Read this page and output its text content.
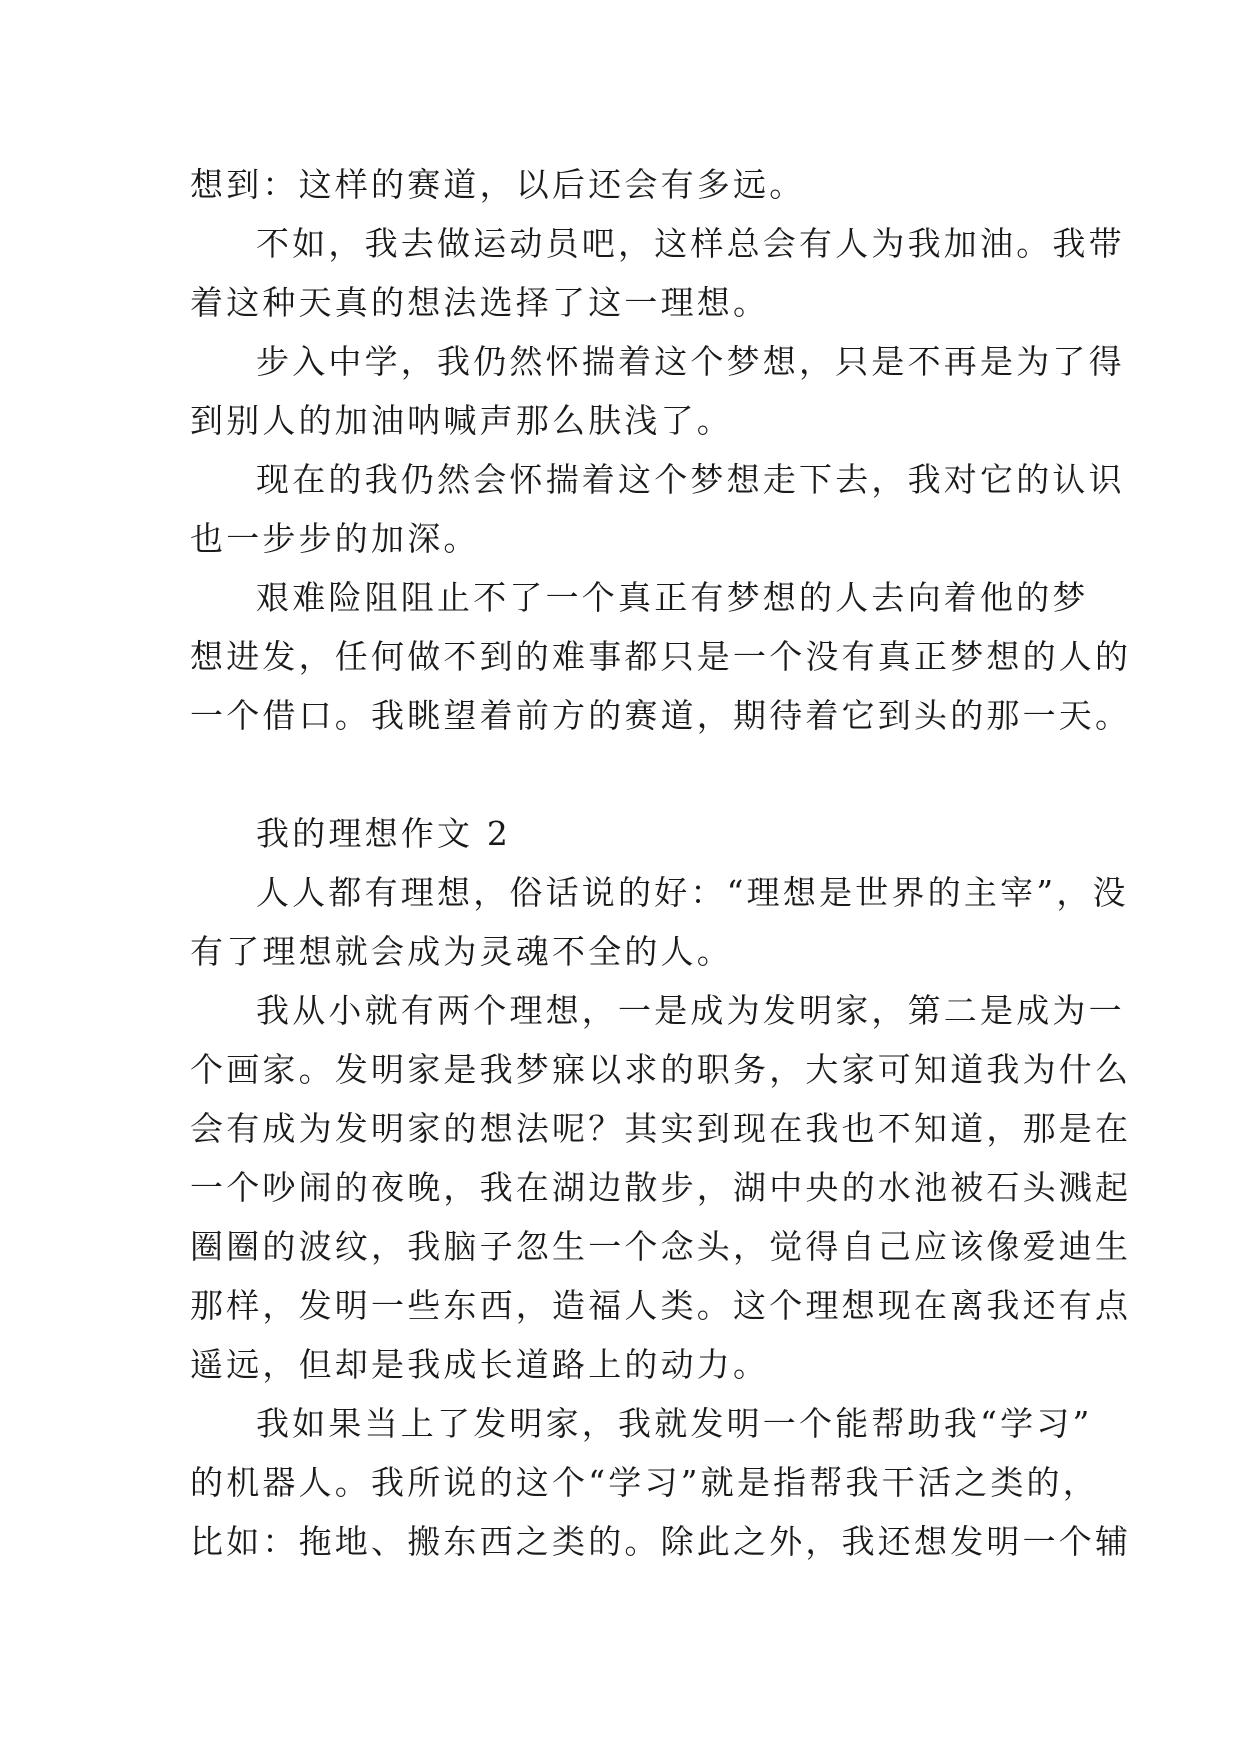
想到：这样的赛道，以后还会有多远。
不如，我去做运动员吧，这样总会有人为我加油。我带
着这种天真的想法选择了这一理想。
步入中学，我仍然怀揣着这个梦想，只是不再是为了得
到别人的加油呐喊声那么肤浅了。
现在的我仍然会怀揣着这个梦想走下去，我对它的认识
也一步步的加深。
艰难险阻阻止不了一个真正有梦想的人去向着他的梦
想进发，任何做不到的难事都只是一个没有真正梦想的人的
一个借口。我眺望着前方的赛道，期待着它到头的那一天。
我的理想作文 2
人人都有理想，俗话说的好：“理想是世界的主宰”，没
有了理想就会成为灵魂不全的人。
我从小就有两个理想，一是成为发明家，第二是成为一
个画家。发明家是我梦寐以求的职务，大家可知道我为什么
会有成为发明家的想法呢？其实到现在我也不知道，那是在
一个吵闹的夜晚，我在湖边散步，湖中央的水池被石头溅起
圈圈的波纹，我脑子忽生一个念头，觉得自己应该像爱迪生
那样，发明一些东西，造福人类。这个理想现在离我还有点
遥远，但却是我成长道路上的动力。
我如果当上了发明家，我就发明一个能帮助我“学习”
的机器人。我所说的这个“学习”就是指帮我干活之类的，
比如：拖地、搬东西之类的。除此之外，我还想发明一个辅
